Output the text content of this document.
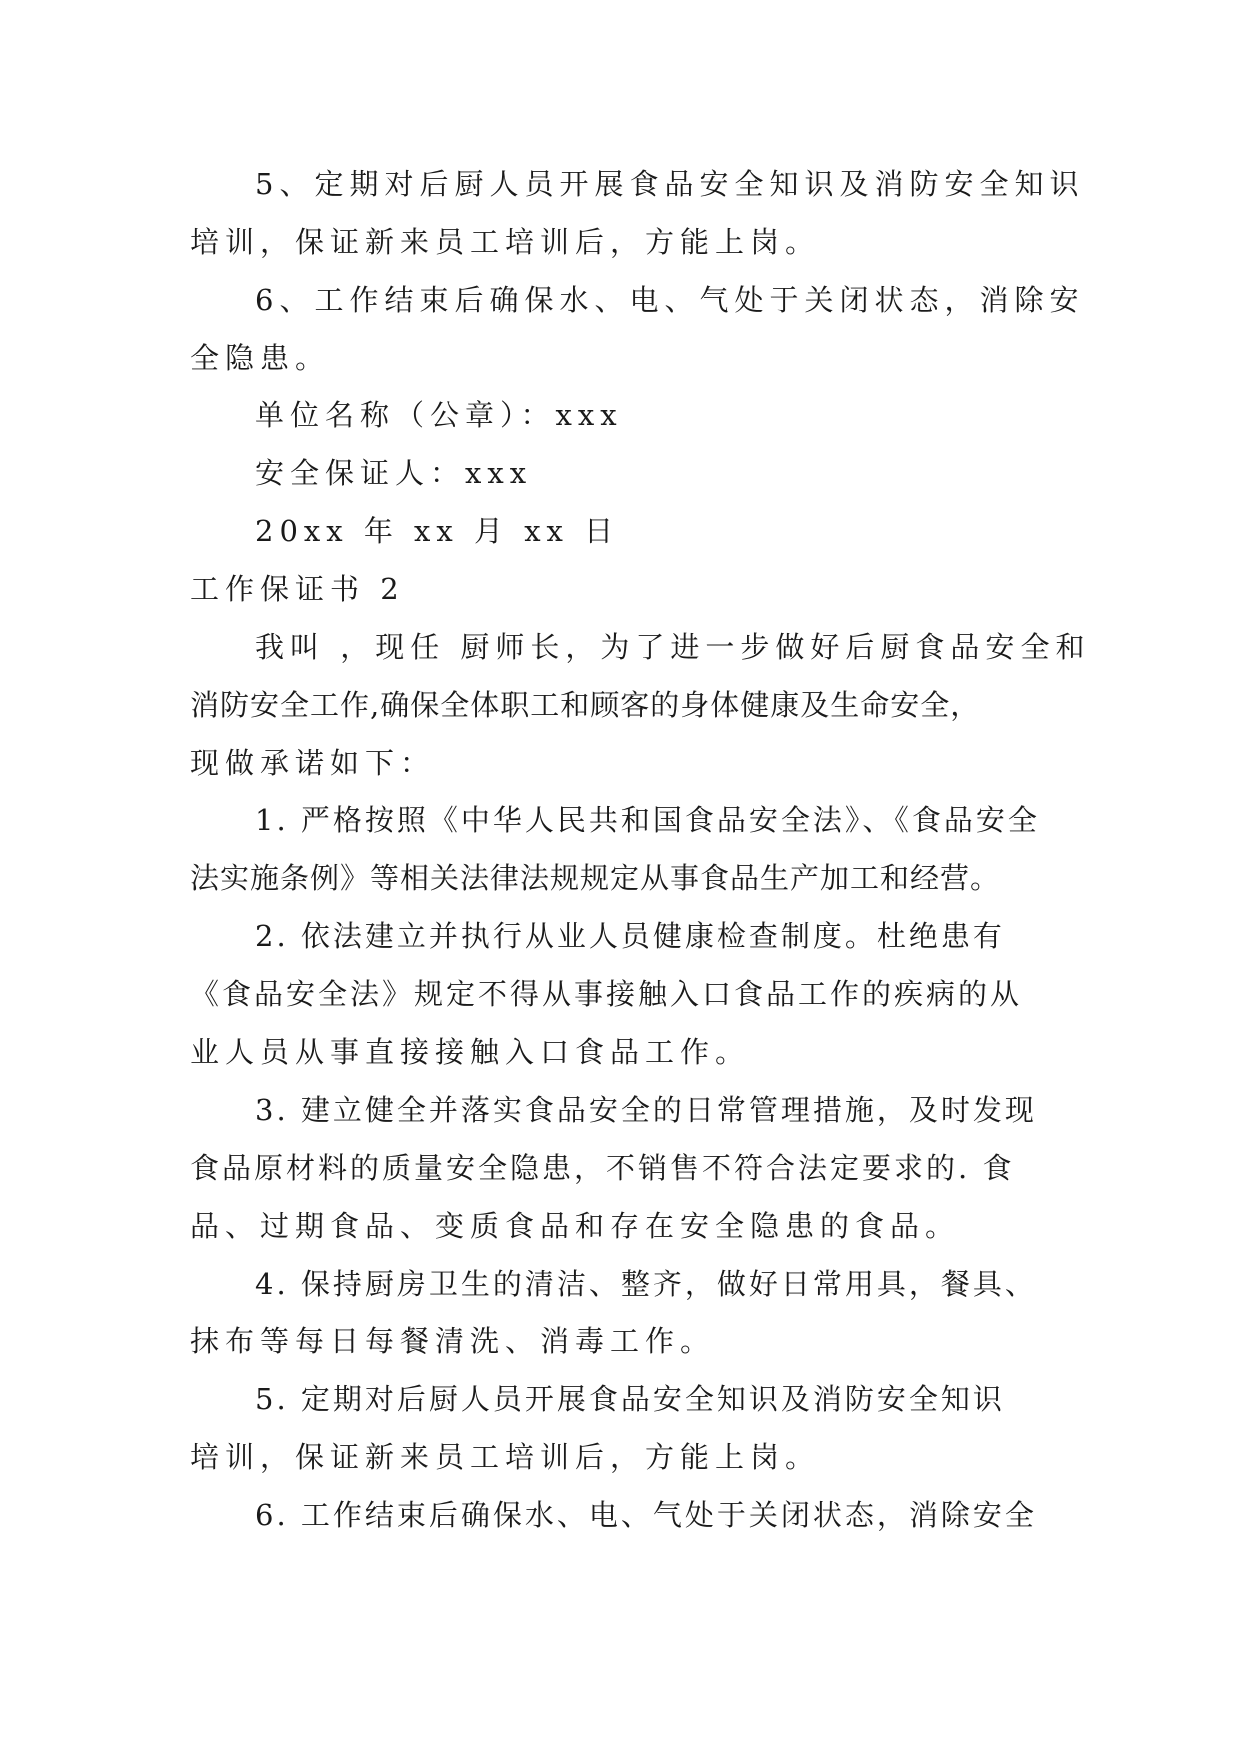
5、定期对后厨人员开展食品安全知识及消防安全知识
培训，保证新来员工培训后，方能上岗。
6、工作结束后确保水、电、气处于关闭状态，消除安
全隐患。
单位名称（公章）：xxx
安全保证人：xxx
20xx 年 xx 月 xx 日
工作保证书 2
我叫 ，现任 厨师长，为了进一步做好后厨食品安全和
消防安全工作,确保全体职工和顾客的身体健康及生命安全，
现做承诺如下：
1. 严格按照《中华人民共和国食品安全法》、《食品安全
法实施条例》等相关法律法规规定从事食品生产加工和经营。
2. 依法建立并执行从业人员健康检查制度。杜绝患有
《食品安全法》规定不得从事接触入口食品工作的疾病的从
业人员从事直接接触入口食品工作。
3. 建立健全并落实食品安全的日常管理措施，及时发现
食品原材料的质量安全隐患，不销售不符合法定要求的. 食
品、过期食品、变质食品和存在安全隐患的食品。
4. 保持厨房卫生的清洁、整齐，做好日常用具，餐具、
抹布等每日每餐清洗、消毒工作。
5. 定期对后厨人员开展食品安全知识及消防安全知识
培训，保证新来员工培训后，方能上岗。
6. 工作结束后确保水、电、气处于关闭状态，消除安全
